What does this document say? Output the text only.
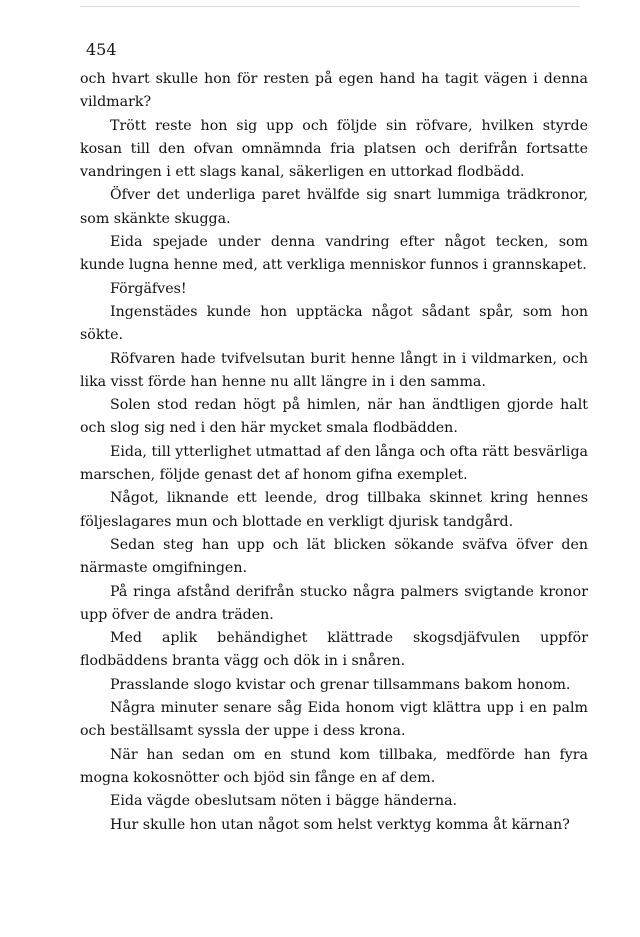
454

och hvart skulle hon för resten på egen hand ha tagit vägen i denna vildmark?

Trött reste hon sig upp och följde sin röfvare, hvilken styrde kosan till den ofvan omnämnda fria platsen och derifrån fortsatte vandringen i ett slags kanal, säkerligen en uttorkad flodbädd.

Öfver det underliga paret hvälfde sig snart lummiga trädkronor, som skänkte skugga.

Eida spejade under denna vandring efter något tecken, som kunde lugna henne med, att verkliga menniskor funnos i grannskapet.

Förgäfves!

Ingenstädes kunde hon upptäcka något sådant spår, som hon sökte.

Röfvaren hade tvifvelsutan burit henne långt in i vildmarken, och lika visst förde han henne nu allt längre in i den samma.

Solen stod redan högt på himlen, när han ändtligen gjorde halt och slog sig ned i den här mycket smala flodbädden.

Eida, till ytterlighet utmattad af den långa och ofta rätt besvärliga marschen, följde genast det af honom gifna exemplet.

Något, liknande ett leende, drog tillbaka skinnet kring hennes följeslagares mun och blottade en verkligt djurisk tandgård.

Sedan steg han upp och lät blicken sökande sväfva öfver den närmaste omgifningen.

På ringa afstånd derifrån stucko några palmers svigtande kronor upp öfver de andra träden.

Med aplik behändighet klättrade skogsdjäfvulen uppför flodbäddens branta vägg och dök in i snåren.

Prasslande slogo kvistar och grenar tillsammans bakom honom.

Några minuter senare såg Eida honom vigt klättra upp i en palm och beställsamt syssla der uppe i dess krona.

När han sedan om en stund kom tillbaka, medförde han fyra mogna kokosnötter och bjöd sin fånge en af dem.

Eida vägde obeslutsam nöten i bägge händerna.

Hur skulle hon utan något som helst verktyg komma åt kärnan?
